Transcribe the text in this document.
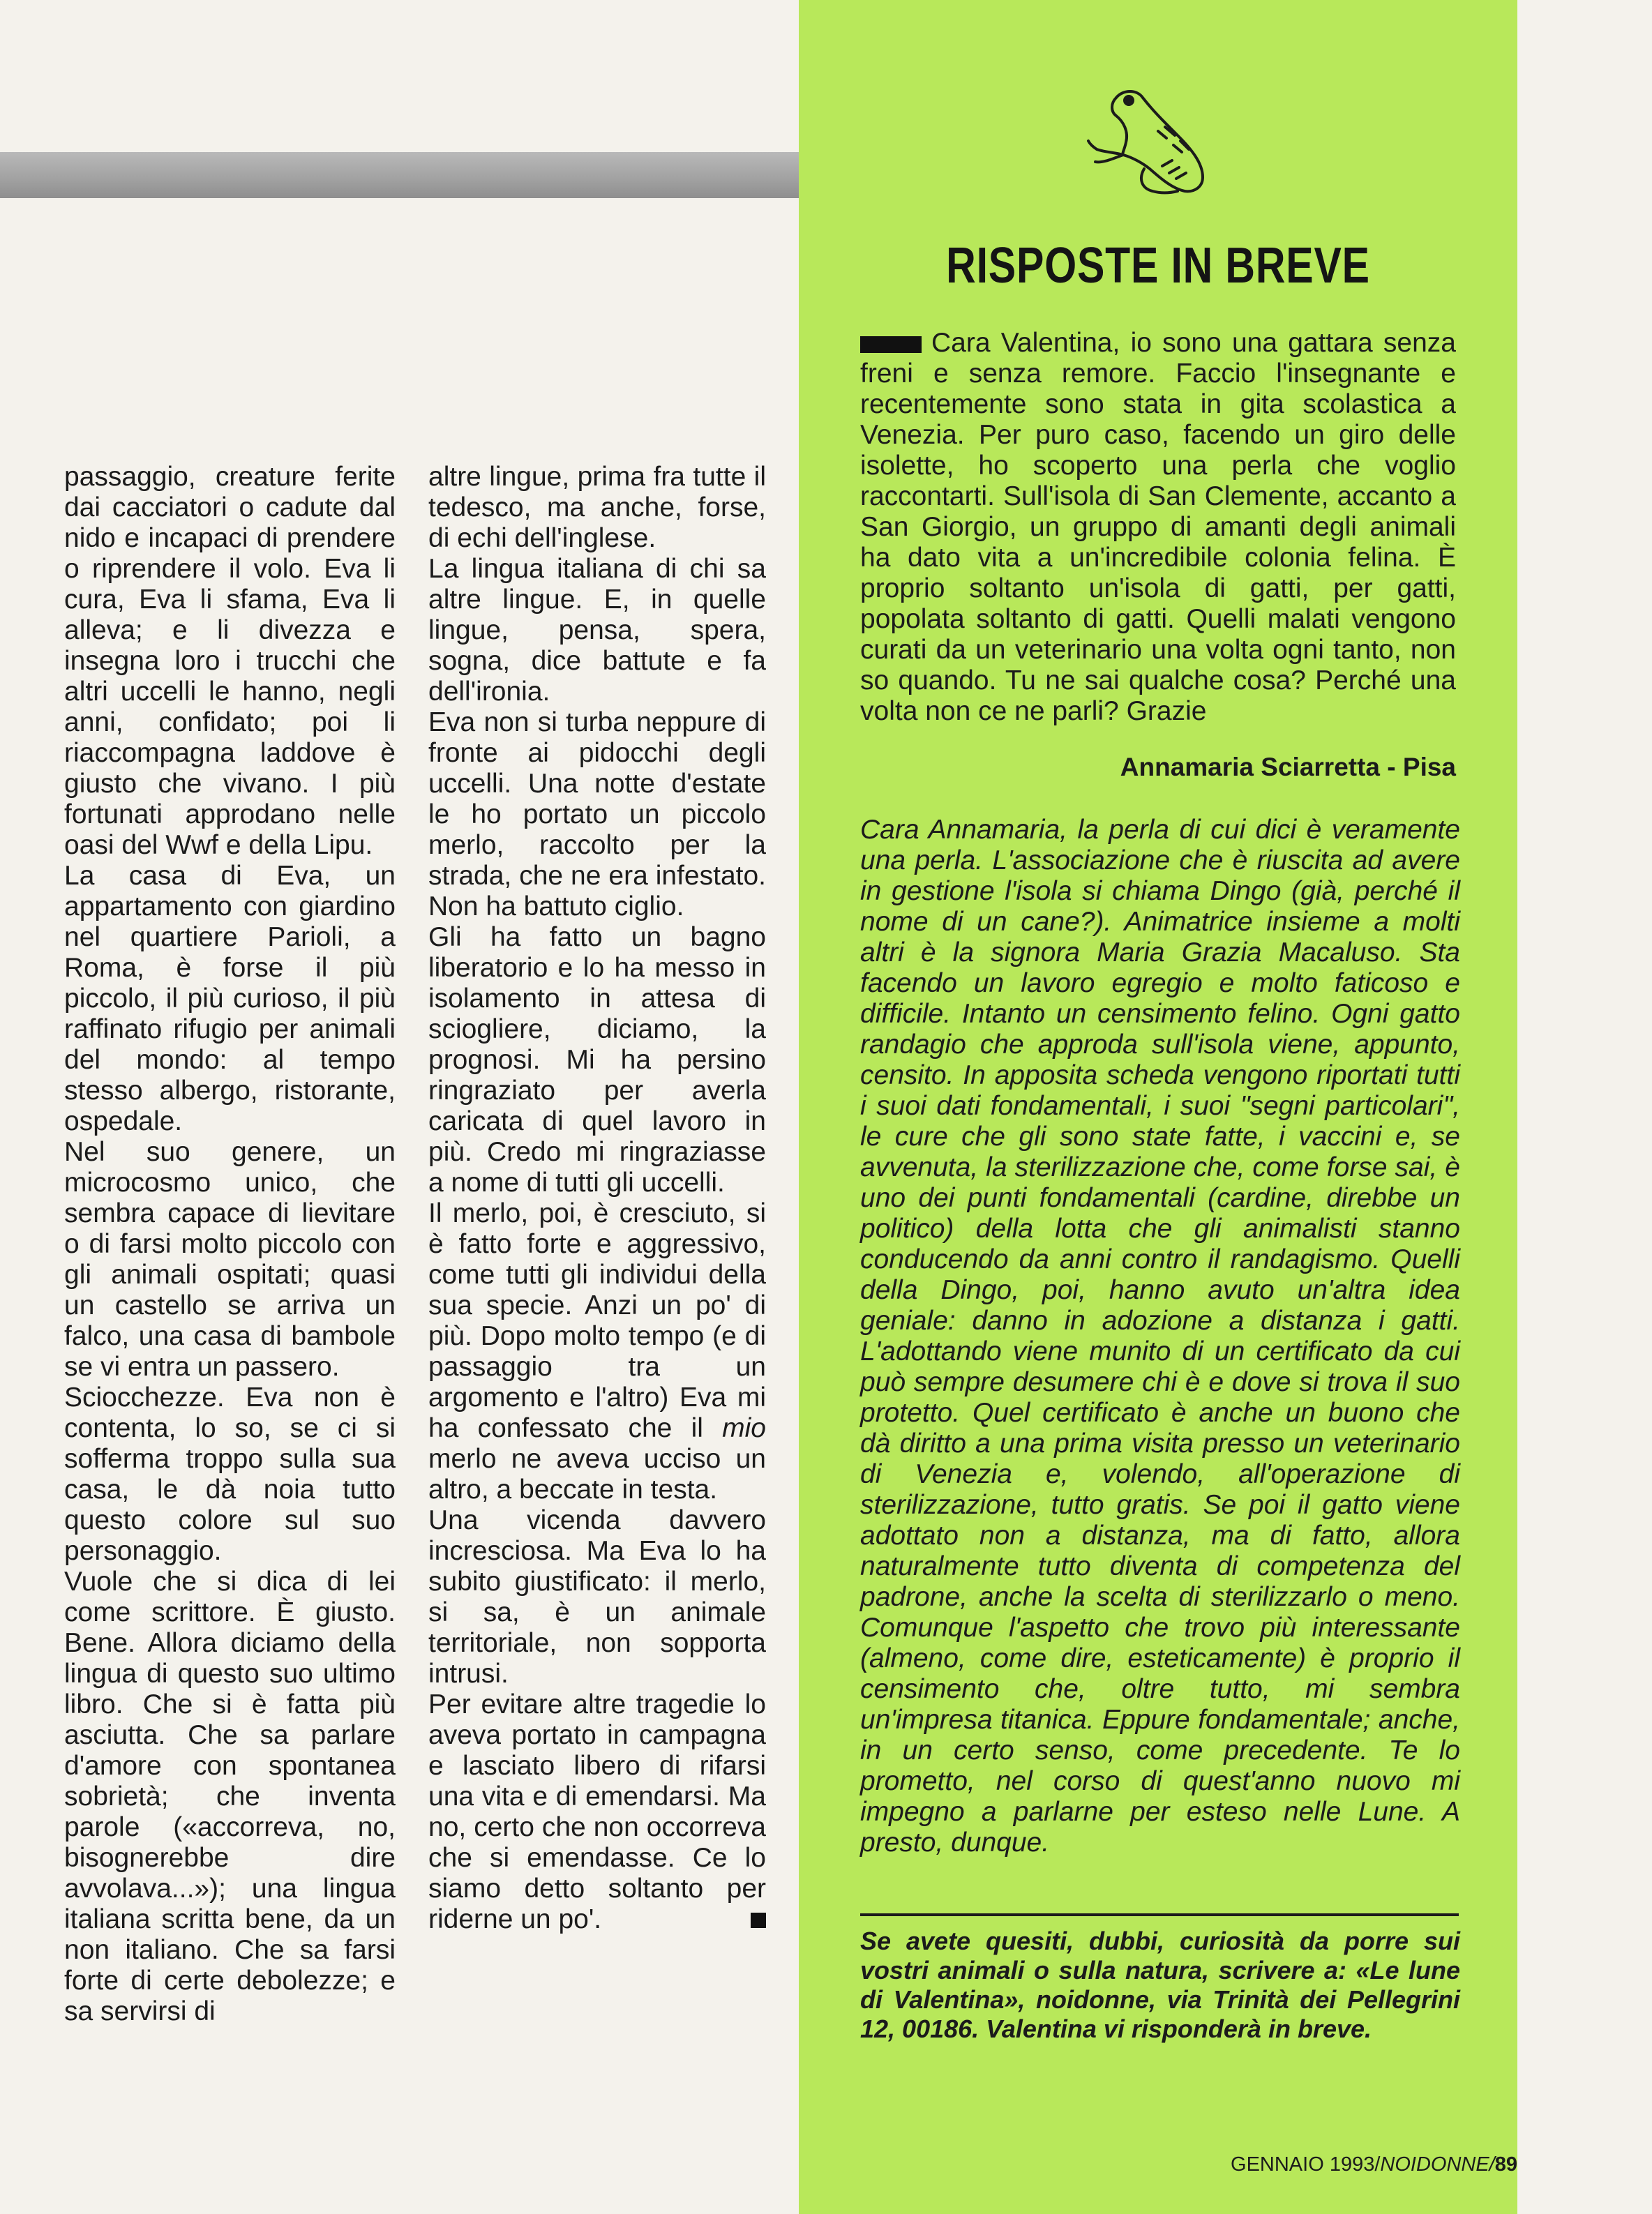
passaggio, creature ferite dai cacciatori o cadute dal nido e incapaci di prendere o riprendere il volo. Eva li cura, Eva li sfama, Eva li alleva; e li divezza e insegna loro i trucchi che altri uccelli le hanno, negli anni, confidato; poi li riaccompagna laddove è giusto che vivano. I più fortunati approdano nelle oasi del Wwf e della Lipu.

La casa di Eva, un appartamento con giardino nel quartiere Parioli, a Roma, è forse il più piccolo, il più curioso, il più raffinato rifugio per animali del mondo: al tempo stesso albergo, ristorante, ospedale.

Nel suo genere, un microcosmo unico, che sembra capace di lievitare o di farsi molto piccolo con gli animali ospitati; quasi un castello se arriva un falco, una casa di bambole se vi entra un passero.

Sciocchezze. Eva non è contenta, lo so, se ci si sofferma troppo sulla sua casa, le dà noia tutto questo colore sul suo personaggio.

Vuole che si dica di lei come scrittore. È giusto. Bene. Allora diciamo della lingua di questo suo ultimo libro. Che si è fatta più asciutta. Che sa parlare d'amore con spontanea sobrietà; che inventa parole («accorreva, no, bisognerebbe dire avvolava...»); una lingua italiana scritta bene, da un non italiano. Che sa farsi forte di certe debolezze; e sa servirsi di

altre lingue, prima fra tutte il tedesco, ma anche, forse, di echi dell'inglese.

La lingua italiana di chi sa altre lingue. E, in quelle lingue, pensa, spera, sogna, dice battute e fa dell'ironia.

Eva non si turba neppure di fronte ai pidocchi degli uccelli. Una notte d'estate le ho portato un piccolo merlo, raccolto per la strada, che ne era infestato. Non ha battuto ciglio.

Gli ha fatto un bagno liberatorio e lo ha messo in isolamento in attesa di sciogliere, diciamo, la prognosi. Mi ha persino ringraziato per averla caricata di quel lavoro in più. Credo mi ringraziasse a nome di tutti gli uccelli.

Il merlo, poi, è cresciuto, si è fatto forte e aggressivo, come tutti gli individui della sua specie. Anzi un po' di più. Dopo molto tempo (e di passaggio tra un argomento e l'altro) Eva mi ha confessato che il mio merlo ne aveva ucciso un altro, a beccate in testa.

Una vicenda davvero incresciosa. Ma Eva lo ha subito giustificato: il merlo, si sa, è un animale territoriale, non sopporta intrusi.

Per evitare altre tragedie lo aveva portato in campagna e lasciato libero di rifarsi una vita e di emendarsi. Ma no, certo che non occorreva che si emendasse. Ce lo siamo detto soltanto per riderne un po'.

RISPOSTE IN BREVE
Cara Valentina, io sono una gattara senza freni e senza remore. Faccio l'insegnante e recentemente sono stata in gita scolastica a Venezia. Per puro caso, facendo un giro delle isolette, ho scoperto una perla che voglio raccontarti. Sull'isola di San Clemente, accanto a San Giorgio, un gruppo di amanti degli animali ha dato vita a un'incredibile colonia felina. È proprio soltanto un'isola di gatti, per gatti, popolata soltanto di gatti. Quelli malati vengono curati da un veterinario una volta ogni tanto, non so quando. Tu ne sai qualche cosa? Perché una volta non ce ne parli? Grazie
Annamaria Sciarretta - Pisa
Cara Annamaria, la perla di cui dici è veramente una perla. L'associazione che è riuscita ad avere in gestione l'isola si chiama Dingo (già, perché il nome di un cane?). Animatrice insieme a molti altri è la signora Maria Grazia Macaluso. Sta facendo un lavoro egregio e molto faticoso e difficile. Intanto un censimento felino. Ogni gatto randagio che approda sull'isola viene, appunto, censito. In apposita scheda vengono riportati tutti i suoi dati fondamentali, i suoi "segni particolari", le cure che gli sono state fatte, i vaccini e, se avvenuta, la sterilizzazione che, come forse sai, è uno dei punti fondamentali (cardine, direbbe un politico) della lotta che gli animalisti stanno conducendo da anni contro il randagismo. Quelli della Dingo, poi, hanno avuto un'altra idea geniale: danno in adozione a distanza i gatti. L'adottando viene munito di un certificato da cui può sempre desumere chi è e dove si trova il suo protetto. Quel certificato è anche un buono che dà diritto a una prima visita presso un veterinario di Venezia e, volendo, all'operazione di sterilizzazione, tutto gratis. Se poi il gatto viene adottato non a distanza, ma di fatto, allora naturalmente tutto diventa di competenza del padrone, anche la scelta di sterilizzarlo o meno. Comunque l'aspetto che trovo più interessante (almeno, come dire, esteticamente) è proprio il censimento che, oltre tutto, mi sembra un'impresa titanica. Eppure fondamentale; anche, in un certo senso, come precedente. Te lo prometto, nel corso di quest'anno nuovo mi impegno a parlarne per esteso nelle Lune. A presto, dunque.
Se avete quesiti, dubbi, curiosità da porre sui vostri animali o sulla natura, scrivere a: «Le lune di Valentina», noidonne, via Trinità dei Pellegrini 12, 00186. Valentina vi risponderà in breve.
GENNAIO 1993/NOIDONNE/89
